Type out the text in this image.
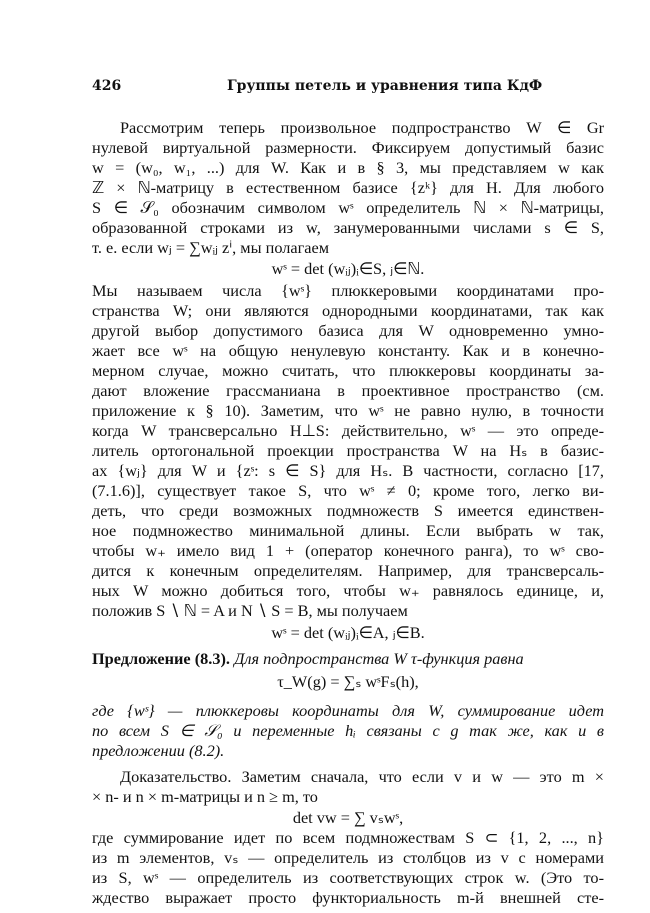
426	Группы петель и уравнения типа КдФ
Рассмотрим теперь произвольное подпространство W ∈ Gr
нулевой виртуальной размерности. Фиксируем допустимый базис
w = (w₀, w₁, ...) для W. Как и в § 3, мы представляем w как
ℤ × ℕ-матрицу в естественном базисе {zᵏ} для H. Для любого
S ∈ 𝒮₀ обозначим символом wˢ определитель ℕ × ℕ-матрицы,
образованной строками из w, занумерованными числами s ∈ S,
т. е. если wⱼ = ∑wᵢⱼ zⁱ, мы полагаем
wˢ = det (wᵢⱼ)ᵢ∈S, ⱼ∈ℕ.
Мы называем числа {wˢ} плюккеровыми координатами про-
странства W; они являются однородными координатами, так как
другой выбор допустимого базиса для W одновременно умно-
жает все wˢ на общую ненулевую константу. Как и в конечно-
мерном случае, можно считать, что плюккеровы координаты за-
дают вложение грассманиана в проективное пространство (см.
приложение к § 10). Заметим, что wˢ не равно нулю, в точности
когда W трансверсально H⊥S: действительно, wˢ — это опреде-
литель ортогональной проекции пространства W на Hₛ в базис-
ах {wⱼ} для W и {zˢ: s ∈ S} для Hₛ. В частности, согласно [17,
(7.1.6)], существует такое S, что wˢ ≠ 0; кроме того, легко ви-
деть, что среди возможных подмножеств S имеется единствен-
ное подмножество минимальной длины. Если выбрать w так,
чтобы w₊ имело вид 1 + (оператор конечного ранга), то wˢ сво-
дится к конечным определителям. Например, для трансверсаль-
ных W можно добиться того, чтобы w₊ равнялось единице, и,
положив S ∖ ℕ = A и N ∖ S = B, мы получаем
wˢ = det (wᵢⱼ)ᵢ∈A, ⱼ∈B.
Предложение (8.3). Для подпространства W τ-функция равна
τ_W(g) = ∑ₛ wˢFₛ(h),
где {wˢ} — плюккеровы координаты для W, суммирование идет
по всем S ∈ 𝒮₀ и переменные hᵢ связаны с g так же, как и в
предложении (8.2).
Доказательство. Заметим сначала, что если v и w — это m ×
× n- и n × m-матрицы и n ≥ m, то
det vw = ∑ vₛwˢ,
где суммирование идет по всем подмножествам S ⊂ {1, 2, ..., n}
из m элементов, vₛ — определитель из столбцов из v с номерами
из S, wˢ — определитель из соответствующих строк w. (Это то-
ждество выражает просто функториальность m-й внешней сте-
